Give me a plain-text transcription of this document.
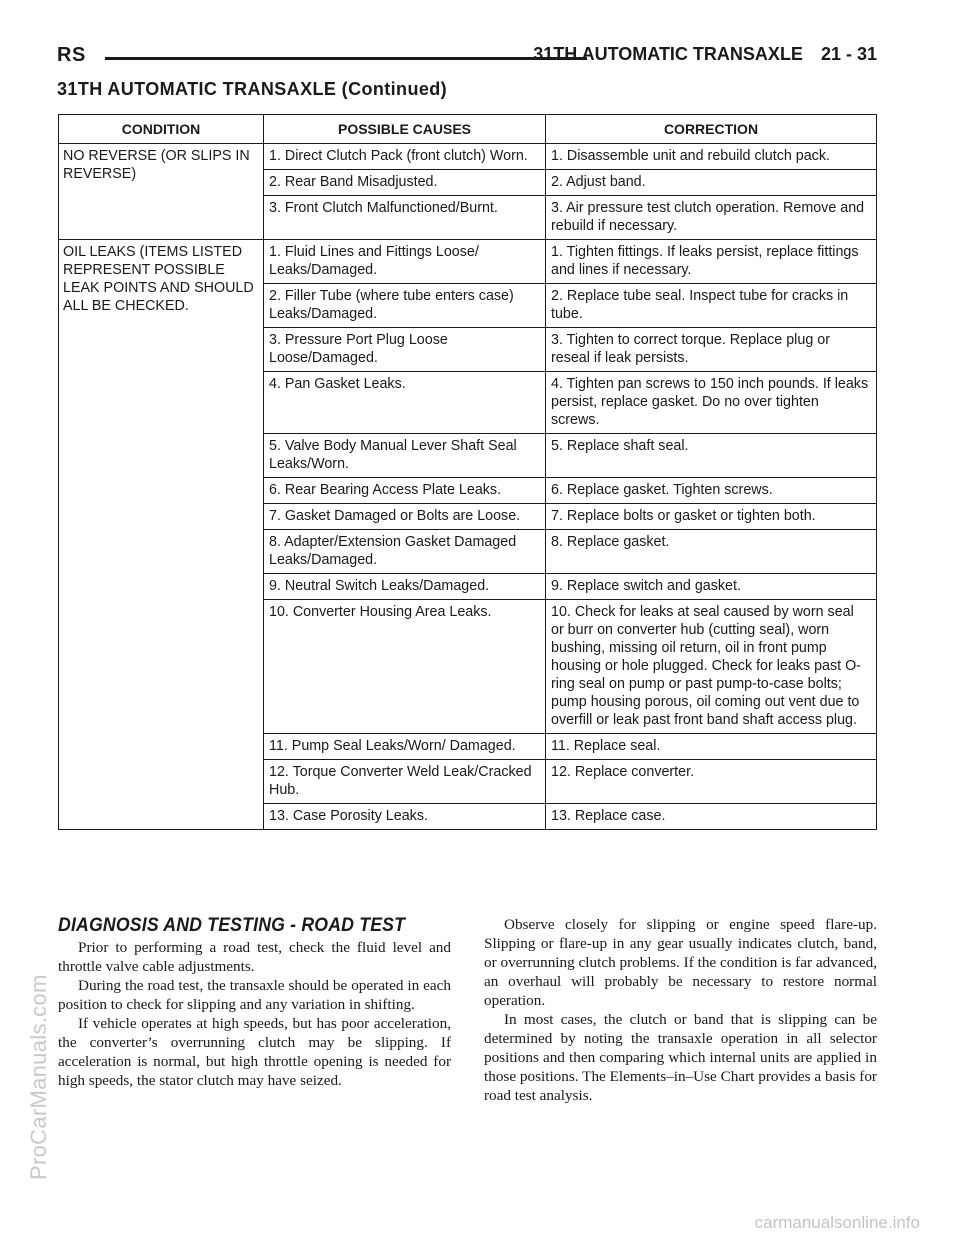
RS	31TH AUTOMATIC TRANSAXLE 21 - 31
31TH AUTOMATIC TRANSAXLE (Continued)
CONDITION	POSSIBLE CAUSES	CORRECTION
NO REVERSE (OR SLIPS IN REVERSE)	1. Direct Clutch Pack (front clutch) Worn.	1. Disassemble unit and rebuild clutch pack.
	2. Rear Band Misadjusted.	2. Adjust band.
	3. Front Clutch Malfunctioned/Burnt.	3. Air pressure test clutch operation. Remove and rebuild if necessary.
OIL LEAKS (ITEMS LISTED REPRESENT POSSIBLE LEAK POINTS AND SHOULD ALL BE CHECKED.	1. Fluid Lines and Fittings Loose/ Leaks/Damaged.	1. Tighten fittings. If leaks persist, replace fittings and lines if necessary.
	2. Filler Tube (where tube enters case) Leaks/Damaged.	2. Replace tube seal. Inspect tube for cracks in tube.
	3. Pressure Port Plug Loose Loose/Damaged.	3. Tighten to correct torque. Replace plug or reseal if leak persists.
	4. Pan Gasket Leaks.	4. Tighten pan screws to 150 inch pounds. If leaks persist, replace gasket. Do no over tighten screws.
	5. Valve Body Manual Lever Shaft Seal Leaks/Worn.	5. Replace shaft seal.
	6. Rear Bearing Access Plate Leaks.	6. Replace gasket. Tighten screws.
	7. Gasket Damaged or Bolts are Loose.	7. Replace bolts or gasket or tighten both.
	8. Adapter/Extension Gasket Damaged Leaks/Damaged.	8. Replace gasket.
	9. Neutral Switch Leaks/Damaged.	9. Replace switch and gasket.
	10. Converter Housing Area Leaks.	10. Check for leaks at seal caused by worn seal or burr on converter hub (cutting seal), worn bushing, missing oil return, oil in front pump housing or hole plugged. Check for leaks past O-ring seal on pump or past pump-to-case bolts; pump housing porous, oil coming out vent due to overfill or leak past front band shaft access plug.
	11. Pump Seal Leaks/Worn/ Damaged.	11. Replace seal.
	12. Torque Converter Weld Leak/Cracked Hub.	12. Replace converter.
	13. Case Porosity Leaks.	13. Replace case.
DIAGNOSIS AND TESTING - ROAD TEST

Prior to performing a road test, check the fluid level and throttle valve cable adjustments.

During the road test, the transaxle should be operated in each position to check for slipping and any variation in shifting.

If vehicle operates at high speeds, but has poor acceleration, the converter’s overrunning clutch may be slipping. If acceleration is normal, but high throttle opening is needed for high speeds, the stator clutch may have seized.

Observe closely for slipping or engine speed flare-up. Slipping or flare-up in any gear usually indicates clutch, band, or overrunning clutch problems. If the condition is far advanced, an overhaul will probably be necessary to restore normal operation.

In most cases, the clutch or band that is slipping can be determined by noting the transaxle operation in all selector positions and then comparing which internal units are applied in those positions. The Elements–in–Use Chart provides a basis for road test analysis.

ProCarManuals.com
carmanualsonline.info
